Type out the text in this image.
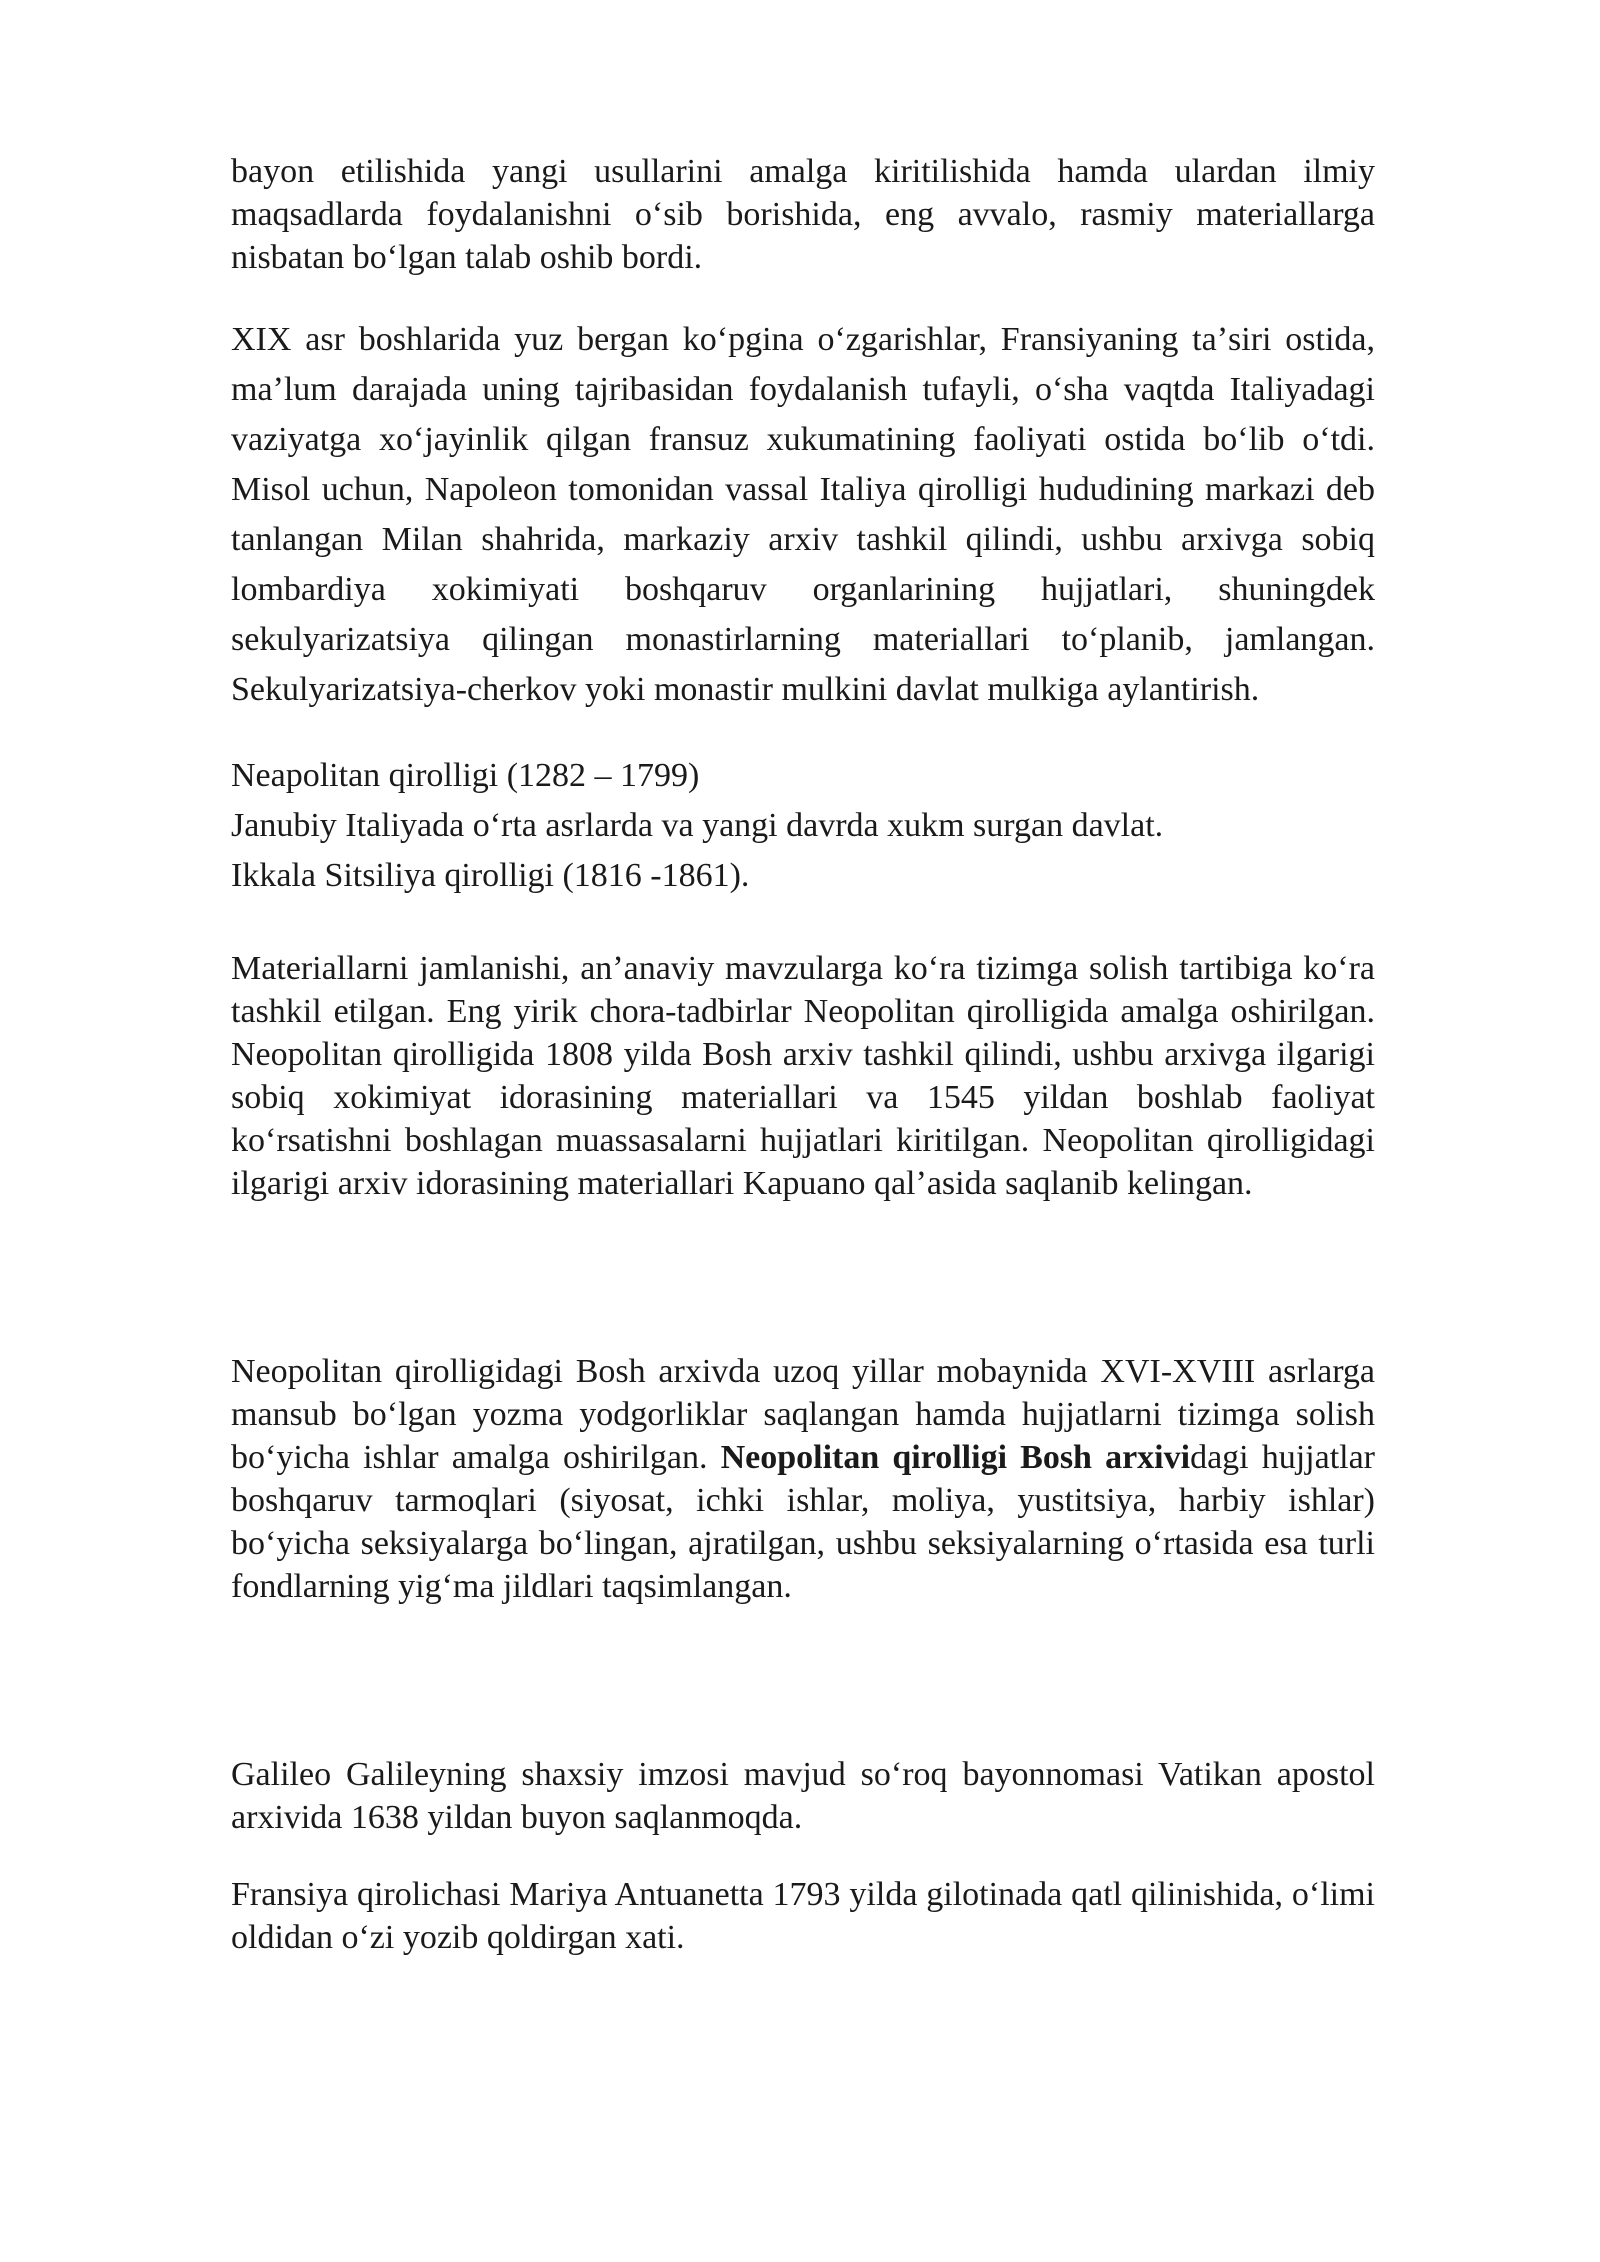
bayon etilishida yangi usullarini amalga kiritilishida hamda ulardan ilmiy maqsadlarda foydalanishni oʻsib borishida, eng avvalo, rasmiy materiallarga nisbatan boʻlgan talab oshib bordi.

XIX asr boshlarida yuz bergan koʻpgina oʻzgarishlar, Fransiyaning taʼsiri ostida, maʼlum darajada uning tajribasidan foydalanish tufayli, oʻsha vaqtda Italiyadagi vaziyatga xoʻjayinlik qilgan fransuz xukumatining faoliyati ostida boʻlib oʻtdi. Misol uchun, Napoleon tomonidan vassal Italiya qirolligi hududining markazi deb tanlangan Milan shahrida, markaziy arxiv tashkil qilindi, ushbu arxivga sobiq lombardiya xokimiyati boshqaruv organlarining hujjatlari, shuningdek sekulyarizatsiya qilingan monastirlarning materiallari toʻplanib, jamlangan. Sekulyarizatsiya-cherkov yoki monastir mulkini davlat mulkiga aylantirish.

Neapolitan qirolligi (1282 – 1799)

Janubiy Italiyada oʻrta asrlarda va yangi davrda xukm surgan davlat.

Ikkala Sitsiliya qirolligi (1816 -1861).

Materiallarni jamlanishi, anʼanaviy mavzularga koʻra tizimga solish tartibiga koʻra tashkil etilgan. Eng yirik chora-tadbirlar Neopolitan qirolligida amalga oshirilgan. Neopolitan qirolligida 1808 yilda Bosh arxiv tashkil qilindi, ushbu arxivga ilgarigi sobiq xokimiyat idorasining materiallari va 1545 yildan boshlab faoliyat koʻrsatishni boshlagan muassasalarni hujjatlari kiritilgan. Neopolitan qirolligidagi ilgarigi arxiv idorasining materiallari Kapuano qalʼasida saqlanib kelingan.

Neopolitan qirolligidagi Bosh arxivda uzoq yillar mobaynida XVI-XVIII asrlarga mansub boʻlgan yozma yodgorliklar saqlangan hamda hujjatlarni tizimga solish boʻyicha ishlar amalga oshirilgan. Neopolitan qirolligi Bosh arxividagi hujjatlar boshqaruv tarmoqlari (siyosat, ichki ishlar, moliya, yustitsiya, harbiy ishlar) boʻyicha seksiyalarga boʻlingan, ajratilgan, ushbu seksiyalarning oʻrtasida esa turli fondlarning yigʻma jildlari taqsimlangan.

Galileo Galileyning shaxsiy imzosi mavjud soʻroq bayonnomasi Vatikan apostol arxivida 1638 yildan buyon saqlanmoqda.

Fransiya qirolichasi Mariya Antuanetta 1793 yilda gilotinada qatl qilinishida, oʻlimi oldidan oʻzi yozib qoldirgan xati.
